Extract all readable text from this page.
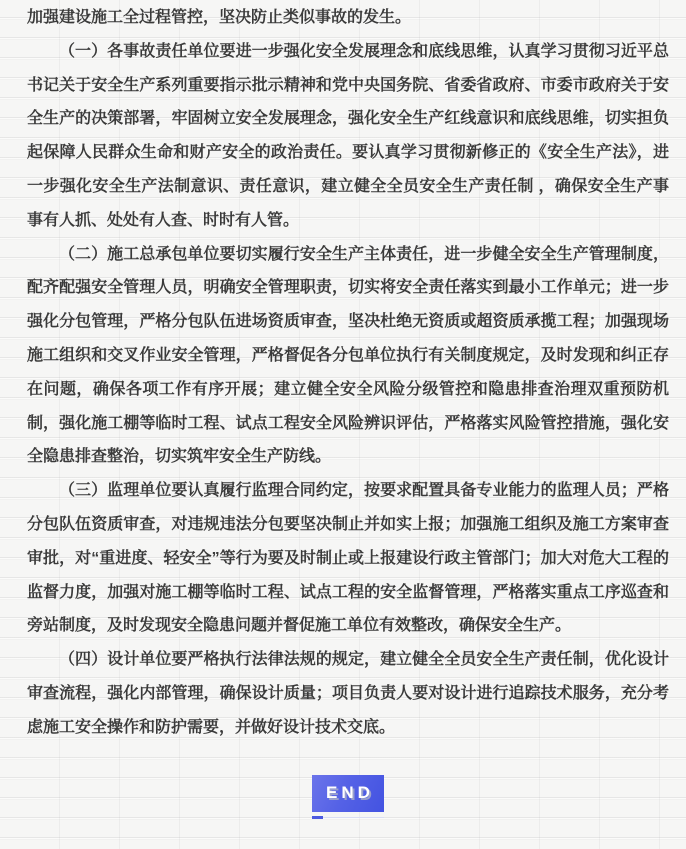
加强建设施工全过程管控，坚决防止类似事故的发生。

（一）各事故责任单位要进一步强化安全发展理念和底线思维，认真学习贯彻习近平总书记关于安全生产系列重要指示批示精神和党中央国务院、省委省政府、市委市政府关于安全生产的决策部署，牢固树立安全发展理念，强化安全生产红线意识和底线思维，切实担负起保障人民群众生命和财产安全的政治责任。要认真学习贯彻新修正的《安全生产法》，进一步强化安全生产法制意识、责任意识，建立健全全员安全生产责任制 ，确保安全生产事事有人抓、处处有人查、时时有人管。

（二）施工总承包单位要切实履行安全生产主体责任，进一步健全安全生产管理制度，配齐配强安全管理人员，明确安全管理职责，切实将安全责任落实到最小工作单元；进一步强化分包管理，严格分包队伍进场资质审查，坚决杜绝无资质或超资质承揽工程；加强现场施工组织和交叉作业安全管理，严格督促各分包单位执行有关制度规定，及时发现和纠正存在问题，确保各项工作有序开展；建立健全安全风险分级管控和隐患排查治理双重预防机制，强化施工棚等临时工程、试点工程安全风险辨识评估，严格落实风险管控措施，强化安全隐患排查整治，切实筑牢安全生产防线。

（三）监理单位要认真履行监理合同约定，按要求配置具备专业能力的监理人员；严格分包队伍资质审查，对违规违法分包要坚决制止并如实上报；加强施工组织及施工方案审查审批，对“重进度、轻安全”等行为要及时制止或上报建设行政主管部门；加大对危大工程的监督力度，加强对施工棚等临时工程、试点工程的安全监督管理，严格落实重点工序巡查和旁站制度，及时发现安全隐患问题并督促施工单位有效整改，确保安全生产。

（四）设计单位要严格执行法律法规的规定，建立健全全员安全生产责任制，优化设计审查流程，强化内部管理，确保设计质量；项目负责人要对设计进行追踪技术服务，充分考虑施工安全操作和防护需要，并做好设计技术交底。

END
